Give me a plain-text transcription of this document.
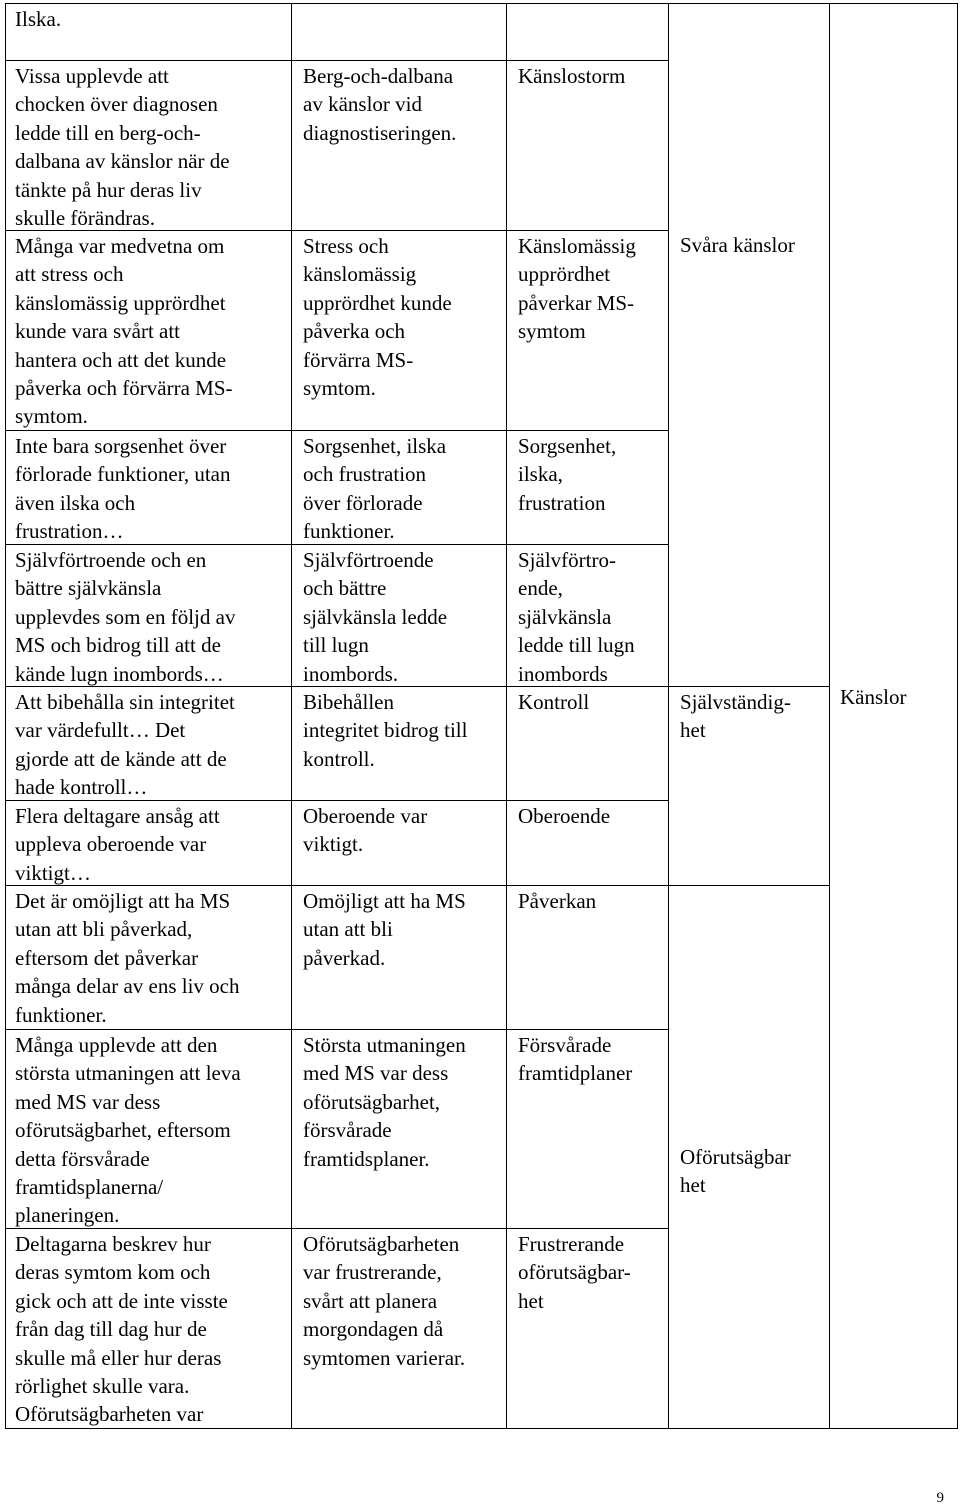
Ilska.

Vissa upplevde att
chocken över diagnosen
ledde till en berg-och-
dalbana av känslor när de
tänkte på hur deras liv
skulle förändras.

Många var medvetna om
att stress och
känslomässig upprördhet
kunde vara svårt att
hantera och att det kunde
påverka och förvärra MS-
symtom.

Inte bara sorgsenhet över
förlorade funktioner, utan
även ilska och
frustration…

Självförtroende och en
bättre självkänsla
upplevdes som en följd av
MS och bidrog till att de
kände lugn inombords…

Att bibehålla sin integritet
var värdefullt… Det
gjorde att de kände att de
hade kontroll…

Flera deltagare ansåg att
uppleva oberoende var
viktigt…

Det är omöjligt att ha MS
utan att bli påverkad,
eftersom det påverkar
många delar av ens liv och
funktioner.

Många upplevde att den
största utmaningen att leva
med MS var dess
oförutsägbarhet, eftersom
detta försvårade
framtidsplanerna/
planeringen.

Deltagarna beskrev hur
deras symtom kom och
gick och att de inte visste
från dag till dag hur de
skulle må eller hur deras
rörlighet skulle vara.
Oförutsägbarheten var

Berg-och-dalbana
av känslor vid
diagnostiseringen.

Stress och
känslomässig
upprördhet kunde
påverka och
förvärra MS-
symtom.

Sorgsenhet, ilska
och frustration
över förlorade
funktioner.

Självförtroende
och bättre
självkänsla ledde
till lugn
inombords.

Bibehållen
integritet bidrog till
kontroll.

Oberoende var
viktigt.

Omöjligt att ha MS
utan att bli
påverkad.

Största utmaningen
med MS var dess
oförutsägbarhet,
försvårade
framtidsplaner.

Oförutsägbarheten
var frustrerande,
svårt att planera
morgondagen då
symtomen varierar.

Känslostorm

Känslomässig
upprördhet
påverkar MS-
symtom

Sorgsenhet,
ilska,
frustration

Självförtro-
ende,
självkänsla
ledde till lugn
inombords

Kontroll

Oberoende

Påverkan

Försvårade
framtidplaner

Frustrerande
oförutsägbar-
het

Svåra känslor

Självständig-
het

Oförutsägbar
het

Känslor

9
